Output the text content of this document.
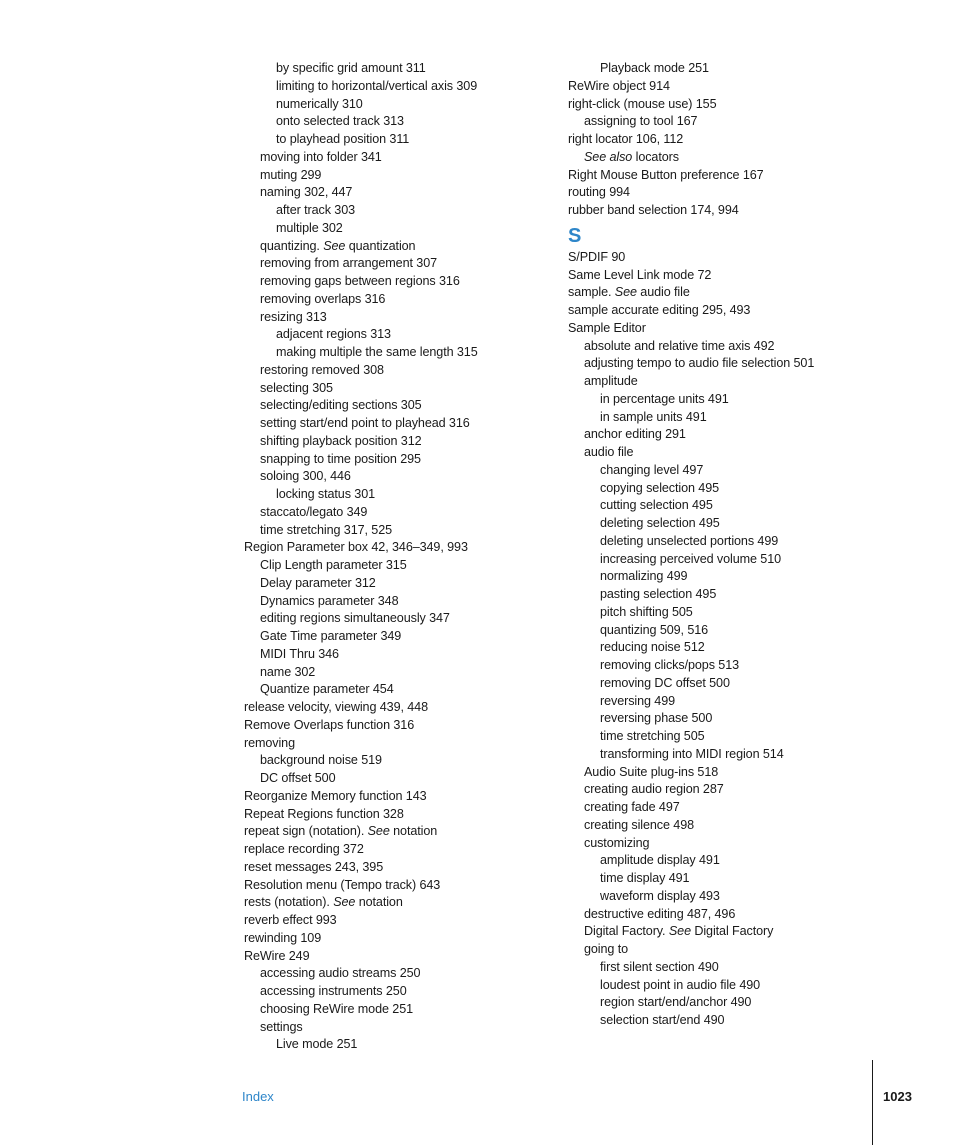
by specific grid amount 311
limiting to horizontal/vertical axis 309
numerically 310
onto selected track 313
to playhead position 311
moving into folder 341
muting 299
naming 302, 447
after track 303
multiple 302
quantizing. See quantization
removing from arrangement 307
removing gaps between regions 316
removing overlaps 316
resizing 313
adjacent regions 313
making multiple the same length 315
restoring removed 308
selecting 305
selecting/editing sections 305
setting start/end point to playhead 316
shifting playback position 312
snapping to time position 295
soloing 300, 446
locking status 301
staccato/legato 349
time stretching 317, 525
Region Parameter box 42, 346–349, 993
Clip Length parameter 315
Delay parameter 312
Dynamics parameter 348
editing regions simultaneously 347
Gate Time parameter 349
MIDI Thru 346
name 302
Quantize parameter 454
release velocity, viewing 439, 448
Remove Overlaps function 316
removing
background noise 519
DC offset 500
Reorganize Memory function 143
Repeat Regions function 328
repeat sign (notation). See notation
replace recording 372
reset messages 243, 395
Resolution menu (Tempo track) 643
rests (notation). See notation
reverb effect 993
rewinding 109
ReWire 249
accessing audio streams 250
accessing instruments 250
choosing ReWire mode 251
settings
Live mode 251
Playback mode 251
ReWire object 914
right-click (mouse use) 155
assigning to tool 167
right locator 106, 112
See also locators
Right Mouse Button preference 167
routing 994
rubber band selection 174, 994
S
S/PDIF 90
Same Level Link mode 72
sample. See audio file
sample accurate editing 295, 493
Sample Editor
absolute and relative time axis 492
adjusting tempo to audio file selection 501
amplitude
in percentage units 491
in sample units 491
anchor editing 291
audio file
changing level 497
copying selection 495
cutting selection 495
deleting selection 495
deleting unselected portions 499
increasing perceived volume 510
normalizing 499
pasting selection 495
pitch shifting 505
quantizing 509, 516
reducing noise 512
removing clicks/pops 513
removing DC offset 500
reversing 499
reversing phase 500
time stretching 505
transforming into MIDI region 514
Audio Suite plug-ins 518
creating audio region 287
creating fade 497
creating silence 498
customizing
amplitude display 491
time display 491
waveform display 493
destructive editing 487, 496
Digital Factory. See Digital Factory
going to
first silent section 490
loudest point in audio file 490
region start/end/anchor 490
selection start/end 490
Index	1023
